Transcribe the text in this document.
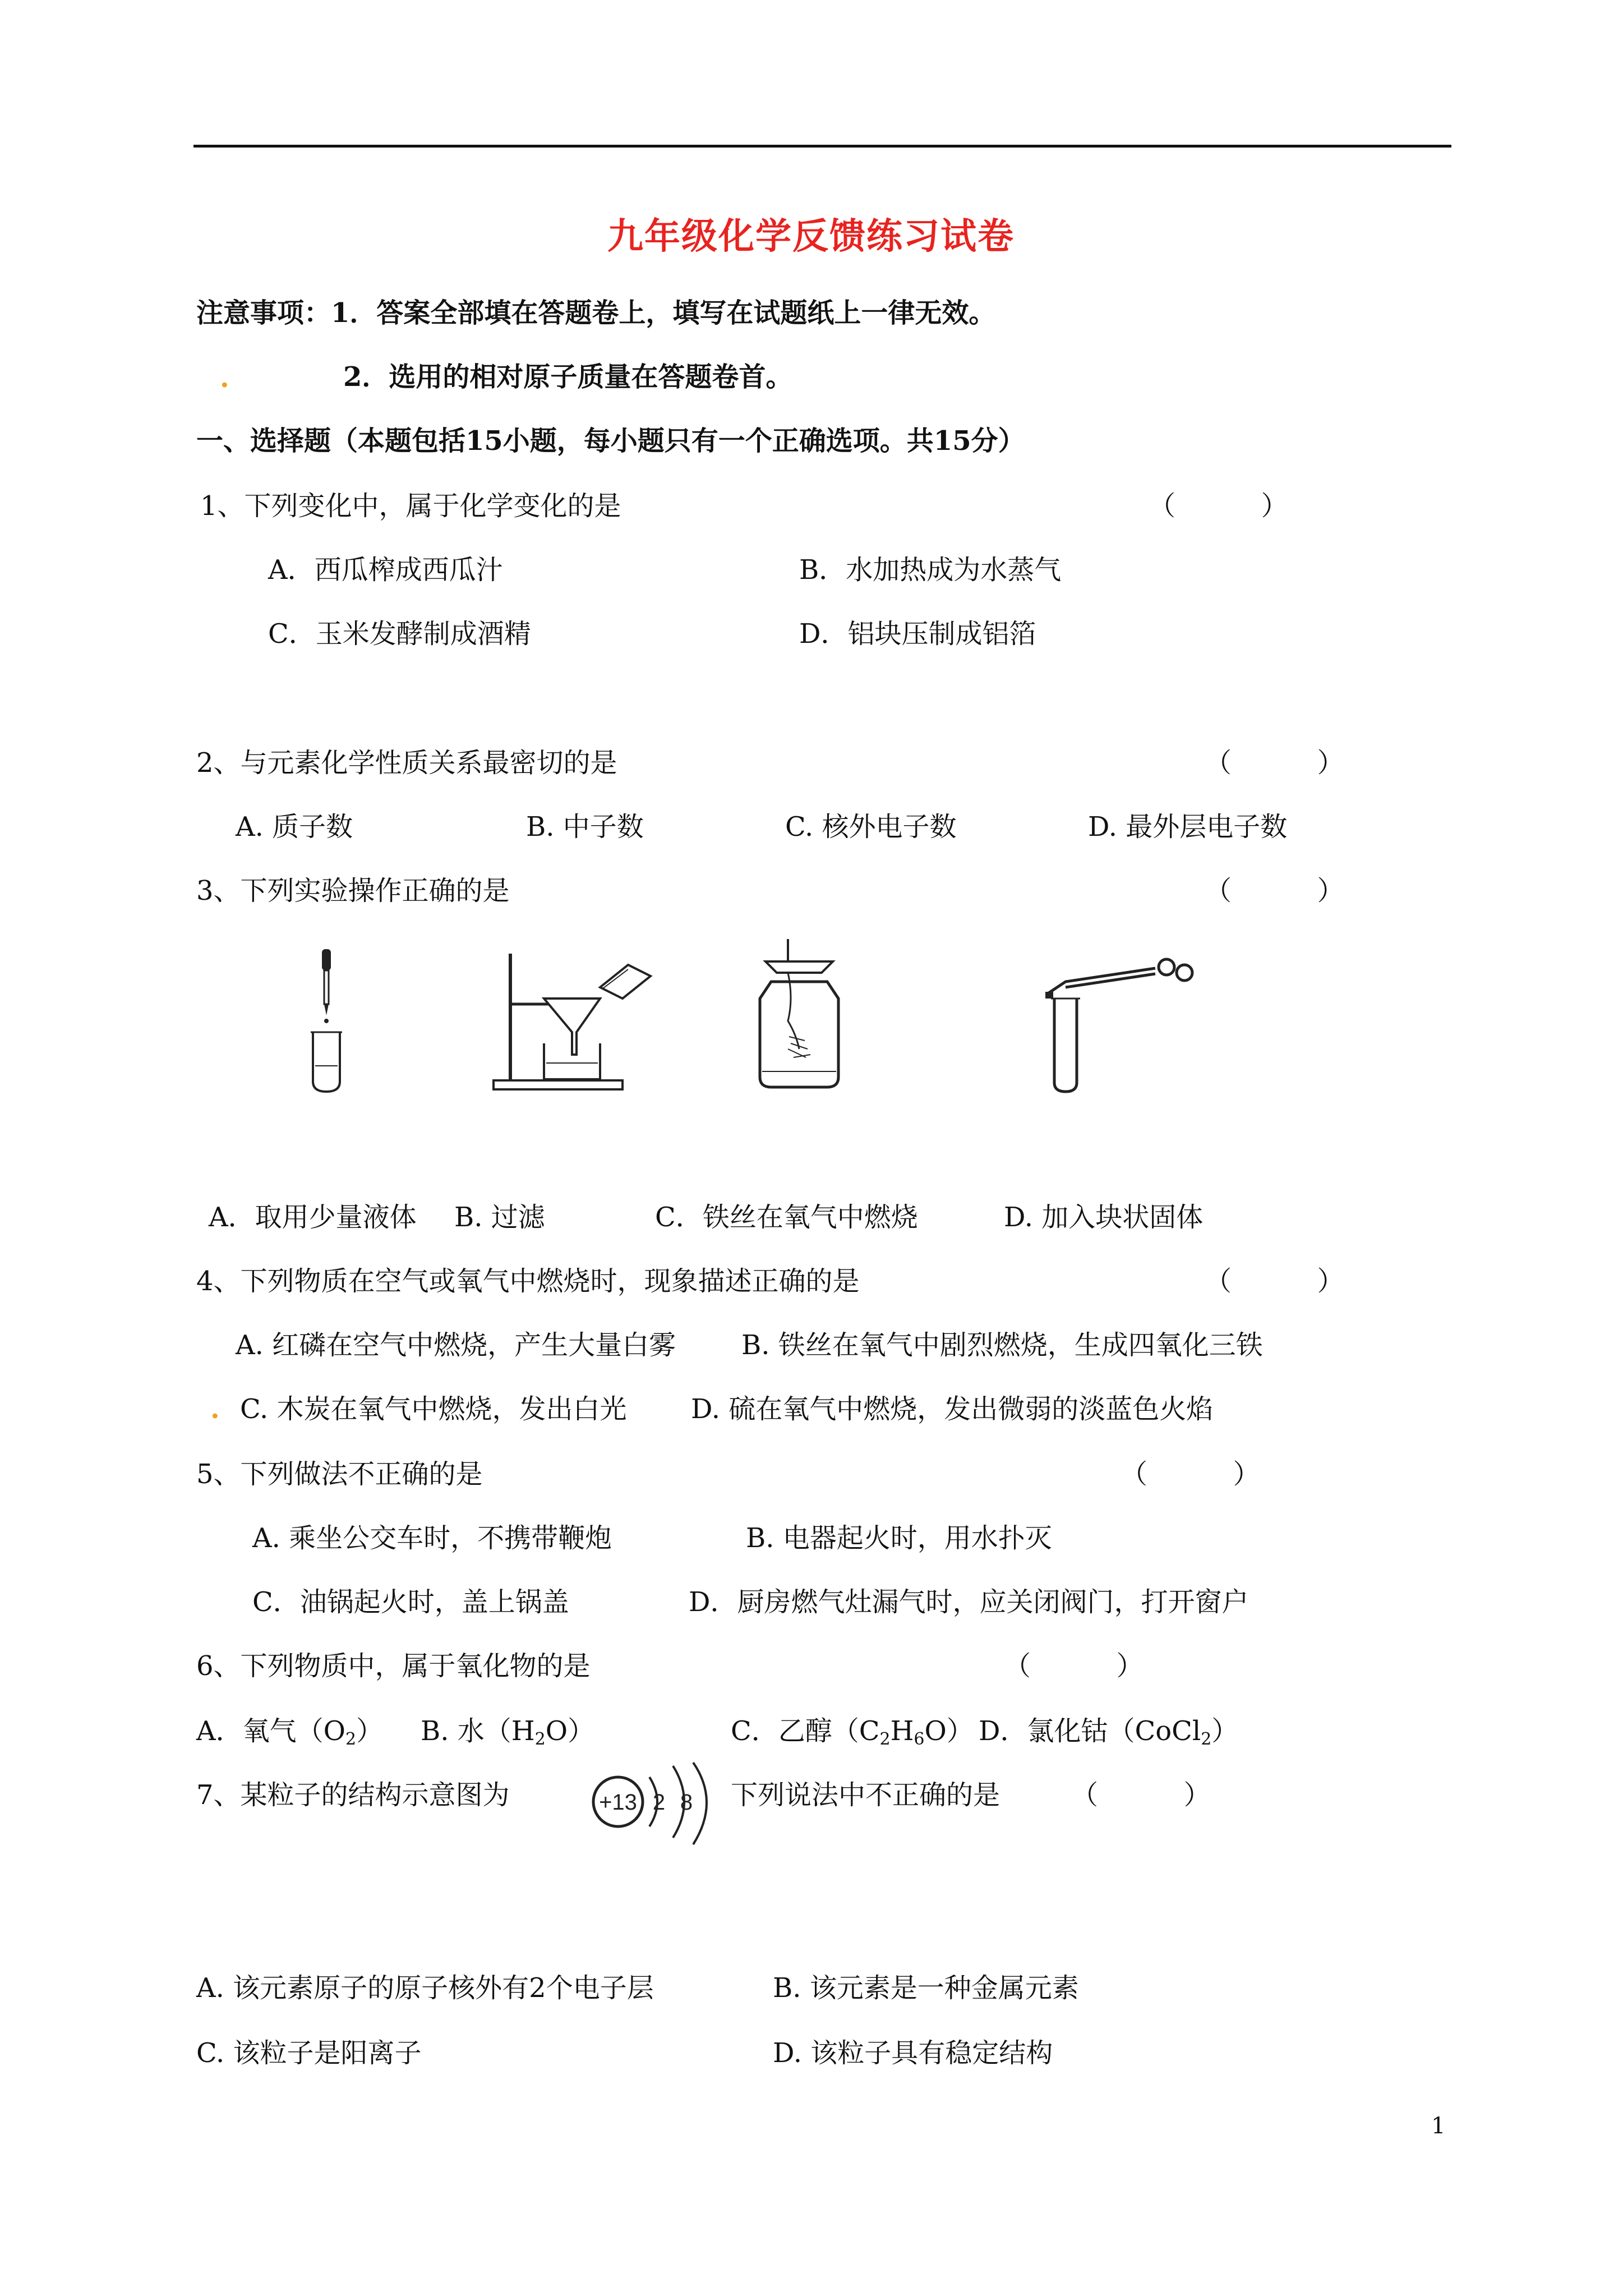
九年级化学反馈练习试卷
注意事项：1．答案全部填在答题卷上，填写在试题纸上一律无效。
.	2．选用的相对原子质量在答题卷首。
一、选择题（本题包括15小题，每小题只有一个正确选项。共15分）
1、下列变化中，属于化学变化的是	（          ）
A．西瓜榨成西瓜汁	B．水加热成为水蒸气
C．玉米发酵制成酒精	D．铝块压制成铝箔
2、与元素化学性质关系最密切的是	（          ）
A. 质子数	B. 中子数	C. 核外电子数	D. 最外层电子数
3、下列实验操作正确的是	（          ）
A．取用少量液体 B. 过滤	C．铁丝在氧气中燃烧	D. 加入块状固体
4、下列物质在空气或氧气中燃烧时，现象描述正确的是	（          ）
A. 红磷在空气中燃烧，产生大量白雾 B. 铁丝在氧气中剧烈燃烧，生成四氧化三铁
. C. 木炭在氧气中燃烧，发出白光 D. 硫在氧气中燃烧，发出微弱的淡蓝色火焰
5、下列做法不正确的是	（          ）
A. 乘坐公交车时，不携带鞭炮	B. 电器起火时，用水扑灭
C．油锅起火时，盖上锅盖	D．厨房燃气灶漏气时，应关闭阀门，打开窗户
6、下列物质中，属于氧化物的是	（          ）
A．氧气$(O_2)$ B. 水$(H_2O)$	C．乙醇$(C_2H_6O)$ D．氯化钴（CoCl$_2$）
7、某粒子的结构示意图为	+13 2 8 下列说法中不正确的是	（          ）
A. 该元素原子的原子核外有2个电子层	B. 该元素是一种金属元素
C. 该粒子是阳离子	D. 该粒子具有稳定结构
1
